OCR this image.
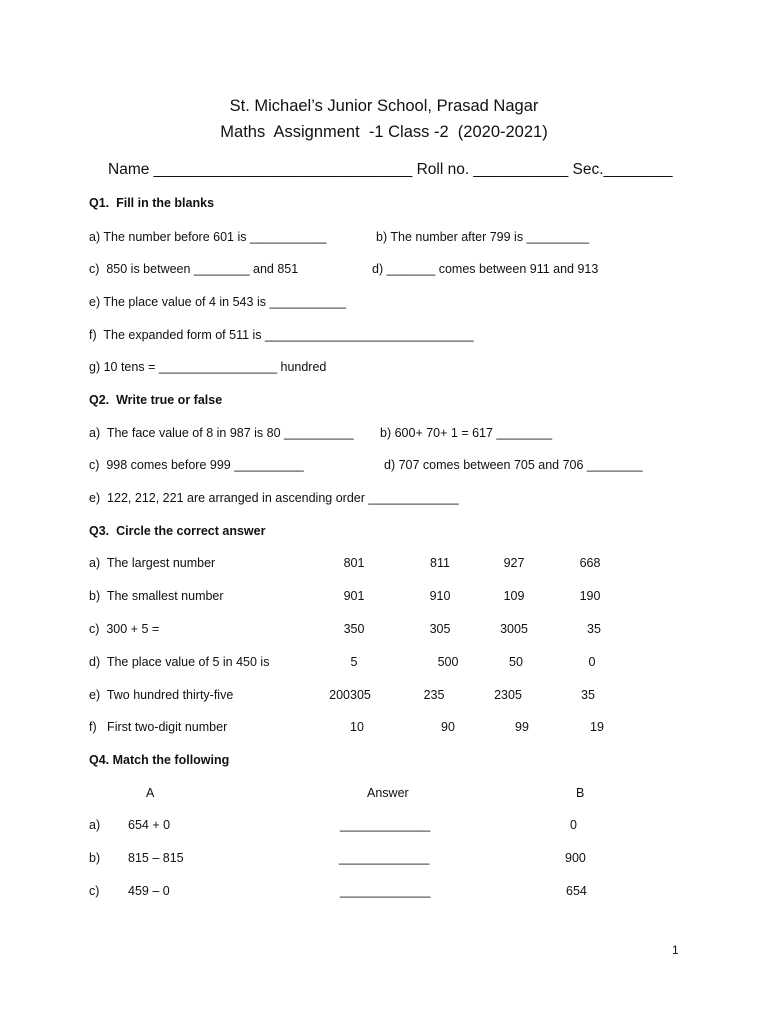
St. Michael’s Junior School, Prasad Nagar
Maths  Assignment  -1 Class -2  (2020-2021)
Name ______________________________ Roll no. ___________ Sec.________
Q1.  Fill in the blanks
a) The number before 601 is ___________	b) The number after 799 is _________
c)  850 is between ________ and 851	d) _______ comes between 911 and 913
e) The place value of 4 in 543 is ___________
f)  The expanded form of 511 is ______________________________
g) 10 tens = _________________ hundred
Q2.  Write true or false
a)  The face value of 8 in 987 is 80 __________ b) 600+ 70+ 1 = 617 ________
c)  998 comes before 999 __________	d) 707 comes between 705 and 706 ________
e)  122, 212, 221 are arranged in ascending order _____________
Q3.  Circle the correct answer
a)  The largest number	801	811	927	668
b)  The smallest number	901	910	109	190
c)  300 + 5 =	350	305	3005	35
d)  The place value of 5 in 450 is	5	500	50	0
e)  Two hundred thirty-five	200305	235	2305	35
f)   First two-digit number	10	90	99	19
Q4. Match the following
A	Answer	B
a) 654 + 0	_____________	0
b) 815 – 815	_____________	900
c) 459 – 0	_____________	654
1
